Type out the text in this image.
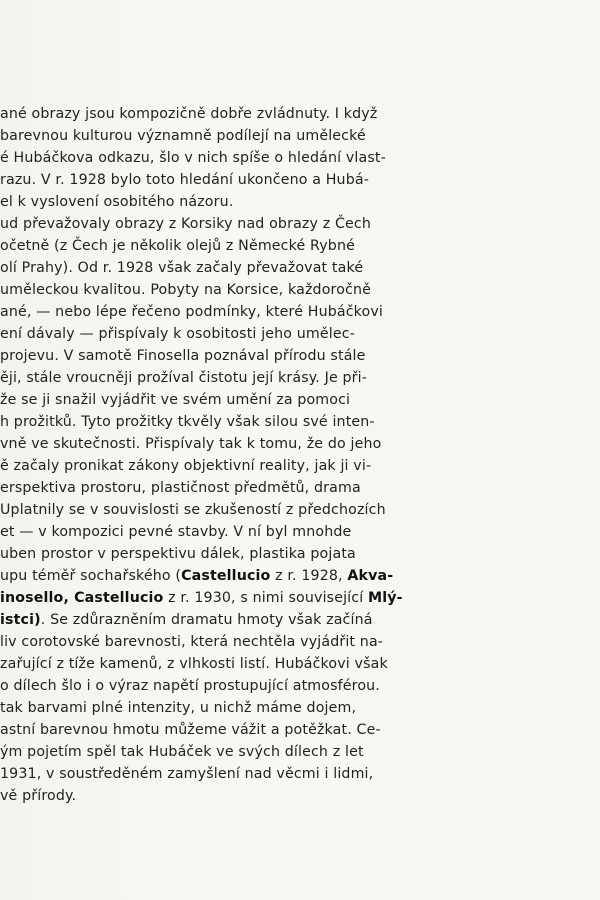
ané obrazy jsou kompozičně dobře zvládnuty. I když
barevnou kulturou významně podílejí na umělecké
é Hubáčkova odkazu, šlo v nich spíše o hledání vlast-
razu. V r. 1928 bylo toto hledání ukončeno a Hubá-
el k vyslovení osobitého názoru.
ud převažovaly obrazy z Korsiky nad obrazy z Čech
očetně (z Čech je několik olejů z Německé Rybné
olí Prahy). Od r. 1928 však začaly převažovat také
uměleckou kvalitou. Pobyty na Korsice, každoročně
ané, — nebo lépe řečeno podmínky, které Hubáčkovi
ení dávaly — přispívaly k osobitosti jeho umělec-
projevu. V samotě Finosella poznával přírodu stále
ěji, stále vroucněji prožíval čistotu její krásy. Je při-
že se ji snažil vyjádřit ve svém umění za pomoci
h prožitků. Tyto prožitky tkvěly však silou své inten-
vně ve skutečnosti. Přispívaly tak k tomu, že do jeho
ě začaly pronikat zákony objektivní reality, jak ji vi-
erspektiva prostoru, plastičnost předmětů, drama
Uplatnily se v souvislosti se zkušeností z předchozích
et — v kompozici pevné stavby. V ní byl mnohde
uben prostor v perspektivu dálek, plastika pojata
upu téměř sochařského (Castellucio z r. 1928, Akva-
inosello, Castellucio z r. 1930, s nimi související Mlý-
istci). Se zdůrazněním dramatu hmoty však začíná
liv corotovské barevnosti, která nechtěla vyjádřit na-
zařující z tíže kamenů, z vlhkosti listí. Hubáčkovi však
o dílech šlo i o výraz napětí prostupující atmosférou.
tak barvami plné intenzity, u nichž máme dojem,
astní barevnou hmotu můžeme vážit a potěžkat. Ce-
ým pojetím spěl tak Hubáček ve svých dílech z let
1931, v soustředěném zamyšlení nad věcmi i lidmi,
vě přírody.
